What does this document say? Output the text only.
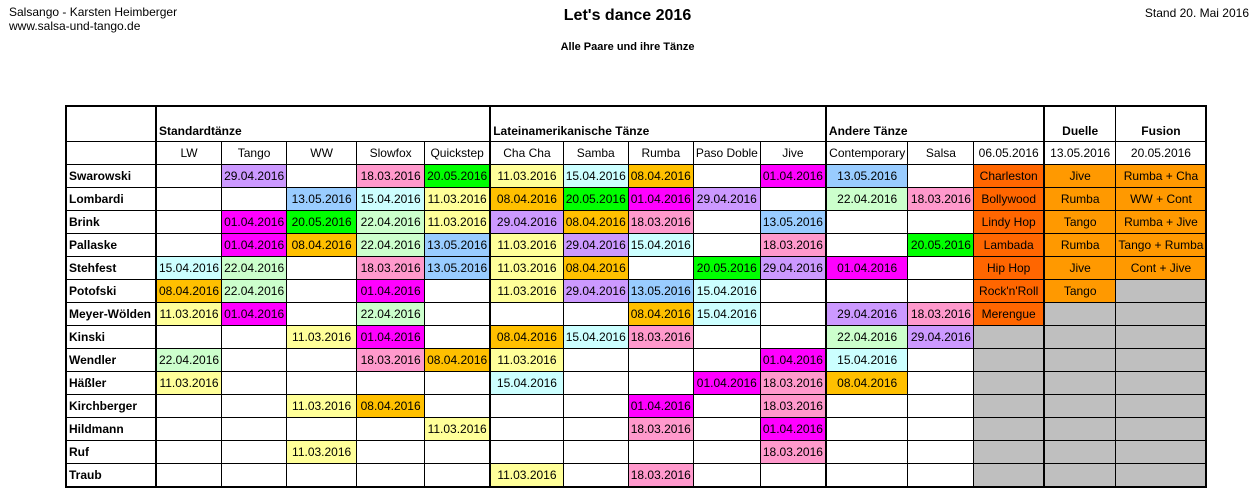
Salsango - Karsten Heimberger
www.salsa-und-tango.de
Let's dance 2016
Alle Paare und ihre Tänze
Stand 20. Mai 2016
	Standardtänze					Lateinamerikanische Tänze					Andere Tänze			Duelle	Fusion
	LW	Tango	WW	Slowfox	Quickstep	Cha Cha	Samba	Rumba	Paso Doble	Jive	Contemporary	Salsa	06.05.2016	13.05.2016	20.05.2016
Swarowski		29.04.2016		18.03.2016	20.05.2016	11.03.2016	15.04.2016	08.04.2016		01.04.2016	13.05.2016		Charleston	Jive	Rumba + Cha
Lombardi			13.05.2016	15.04.2016	11.03.2016	08.04.2016	20.05.2016	01.04.2016	29.04.2016		22.04.2016	18.03.2016	Bollywood	Rumba	WW + Cont
Brink		01.04.2016	20.05.2016	22.04.2016	11.03.2016	29.04.2016	08.04.2016	18.03.2016		13.05.2016			Lindy Hop	Tango	Rumba + Jive
Pallaske		01.04.2016	08.04.2016	22.04.2016	13.05.2016	11.03.2016	29.04.2016	15.04.2016		18.03.2016		20.05.2016	Lambada	Rumba	Tango + Rumba
Stehfest	15.04.2016	22.04.2016		18.03.2016	13.05.2016	11.03.2016	08.04.2016		20.05.2016	29.04.2016	01.04.2016		Hip Hop	Jive	Cont + Jive
Potofski	08.04.2016	22.04.2016		01.04.2016		11.03.2016	29.04.2016	13.05.2016	15.04.2016				Rock'n'Roll	Tango	
Meyer-Wölden	11.03.2016	01.04.2016		22.04.2016				08.04.2016	15.04.2016		29.04.2016	18.03.2016	Merengue		
Kinski			11.03.2016	01.04.2016		08.04.2016	15.04.2016	18.03.2016			22.04.2016	29.04.2016			
Wendler	22.04.2016			18.03.2016	08.04.2016	11.03.2016				01.04.2016	15.04.2016				
Häßler	11.03.2016					15.04.2016			01.04.2016	18.03.2016	08.04.2016				
Kirchberger			11.03.2016	08.04.2016				01.04.2016		18.03.2016					
Hildmann					11.03.2016			18.03.2016		01.04.2016					
Ruf			11.03.2016							18.03.2016					
Traub						11.03.2016		18.03.2016							
